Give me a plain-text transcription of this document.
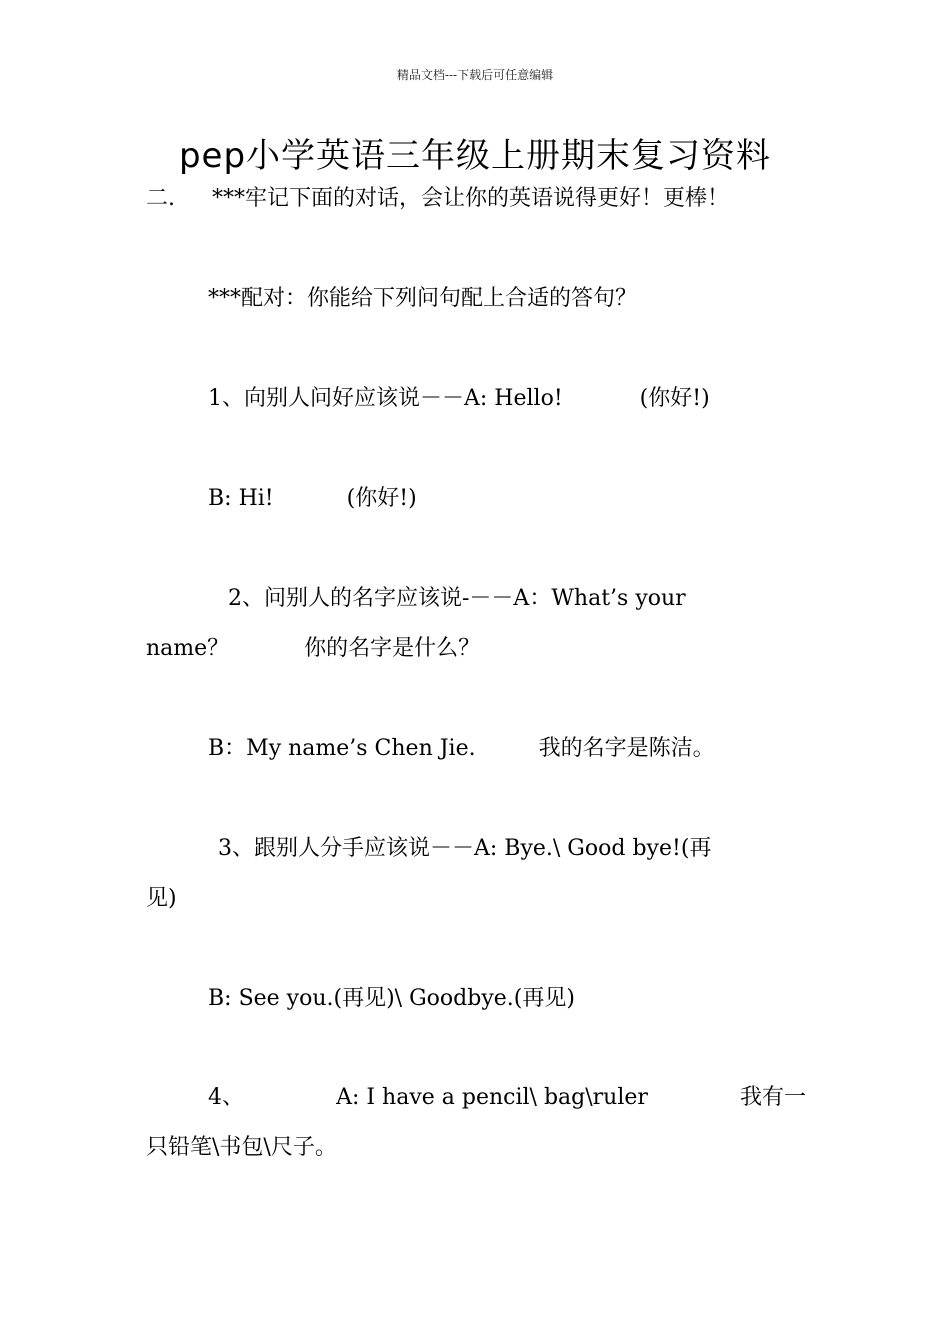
精品文档---下载后可任意编辑
pep小学英语三年级上册期末复习资料
二. ***牢记下面的对话，会让你的英语说得更好！更棒！
***配对：你能给下列问句配上合适的答句？
1、向别人问好应该说－－A: Hello!	(你好!)
B: Hi!	(你好!)
2、问别人的名字应该说-－－A：What’s your
name？	你的名字是什么？
B：My name’s Chen Jie.	我的名字是陈洁。
3、跟别人分手应该说－－A: Bye.\ Good bye!(再
见)
B: See you.(再见)\ Goodbye.(再见)
4、	A: I have a pencil\ bag\ruler	我有一
只铅笔\书包\尺子。
